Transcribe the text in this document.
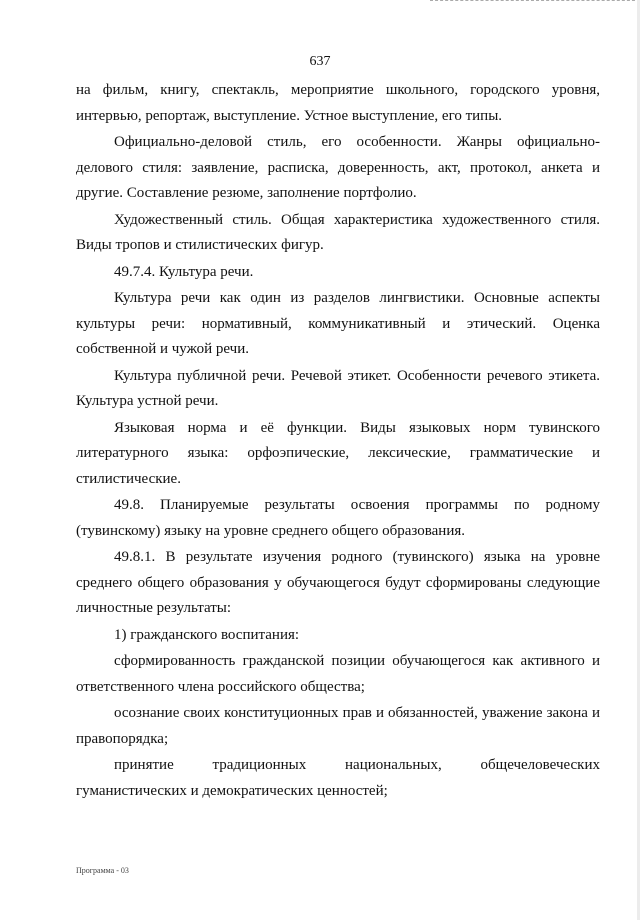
637

на фильм, книгу, спектакль, мероприятие школьного, городского уровня, интервью, репортаж, выступление. Устное выступление, его типы.

Официально-деловой стиль, его особенности. Жанры официально-делового стиля: заявление, расписка, доверенность, акт, протокол, анкета и другие. Составление резюме, заполнение портфолио.

Художественный стиль. Общая характеристика художественного стиля. Виды тропов и стилистических фигур.

49.7.4. Культура речи.

Культура речи как один из разделов лингвистики. Основные аспекты культуры речи: нормативный, коммуникативный и этический. Оценка собственной и чужой речи.

Культура публичной речи. Речевой этикет. Особенности речевого этикета. Культура устной речи.

Языковая норма и её функции. Виды языковых норм тувинского литературного языка: орфоэпические, лексические, грамматические и стилистические.

49.8. Планируемые результаты освоения программы по родному (тувинскому) языку на уровне среднего общего образования.

49.8.1. В результате изучения родного (тувинского) языка на уровне среднего общего образования у обучающегося будут сформированы следующие личностные результаты:

1) гражданского воспитания:

сформированность гражданской позиции обучающегося как активного и ответственного члена российского общества;

осознание своих конституционных прав и обязанностей, уважение закона и правопорядка;

принятие традиционных национальных, общечеловеческих гуманистических и демократических ценностей;

Программа - 03
